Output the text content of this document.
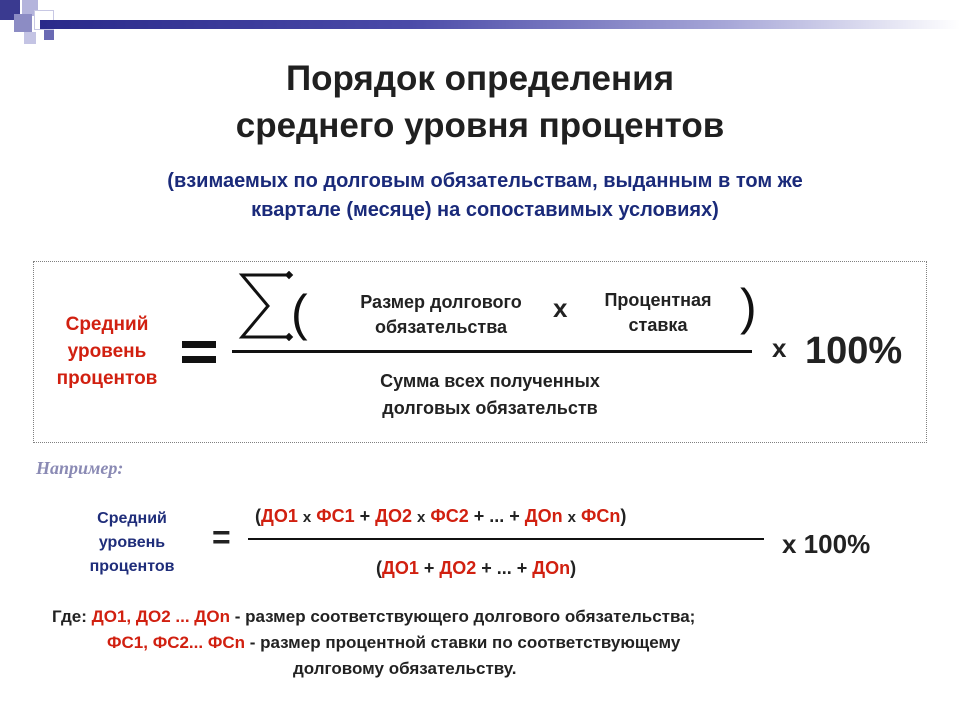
Порядок определения
среднего уровня процентов
(взимаемых по долговым обязательствам, выданным в том же
квартале (месяце) на сопоставимых условиях)
Средний
уровень
процентов
(	)
Размер долгового
обязательства
х	Процентная
ставка
Сумма всех полученных
долговых обязательств
х 100%
Например:
Средний
уровень
процентов
=
(ДО1 х ФС1 + ДО2 х ФС2 + ... + ДОn х ФСn)
(ДО1 + ДО2 + ... + ДОn)
х 100%
Где: ДО1, ДО2 ... ДОn - размер соответствующего долгового обязательства;
ФС1, ФС2... ФСn - размер процентной ставки по соответствующему
долговому обязательству.
